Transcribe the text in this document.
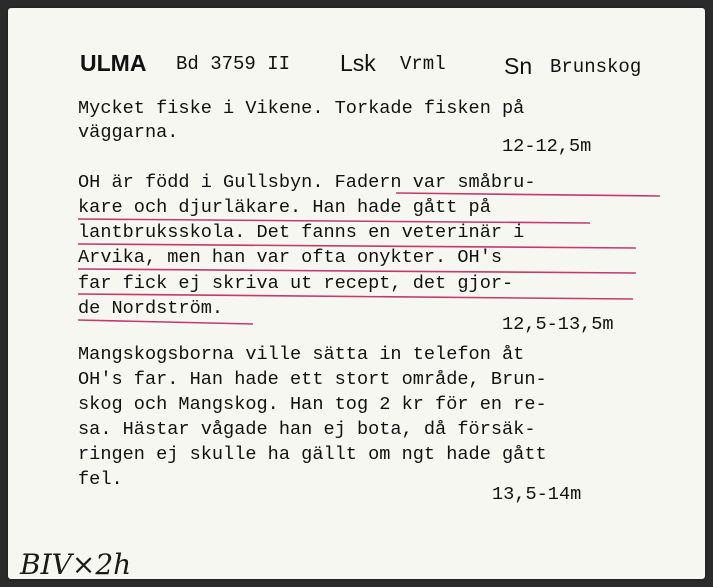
ULMA Bd 3759 II Lsk Vrml	Sn Brunskog
Mycket fiske i Vikene. Torkade fisken på
väggarna.
12-12,5m
OH är född i Gullsbyn. Fadern var småbru-
kare och djurläkare. Han hade gått på
lantbruksskola. Det fanns en veterinär i
Arvika, men han var ofta onykter. OH's
far fick ej skriva ut recept, det gjor-
de Nordström.
12,5-13,5m
Mangskogsborna ville sätta in telefon åt
OH's far. Han hade ett stort område, Brun-
skog och Mangskog. Han tog 2 kr för en re-
sa. Hästar vågade han ej bota, då försäk-
ringen ej skulle ha gällt om ngt hade gått
fel.
13,5-14m
BIV×2h
